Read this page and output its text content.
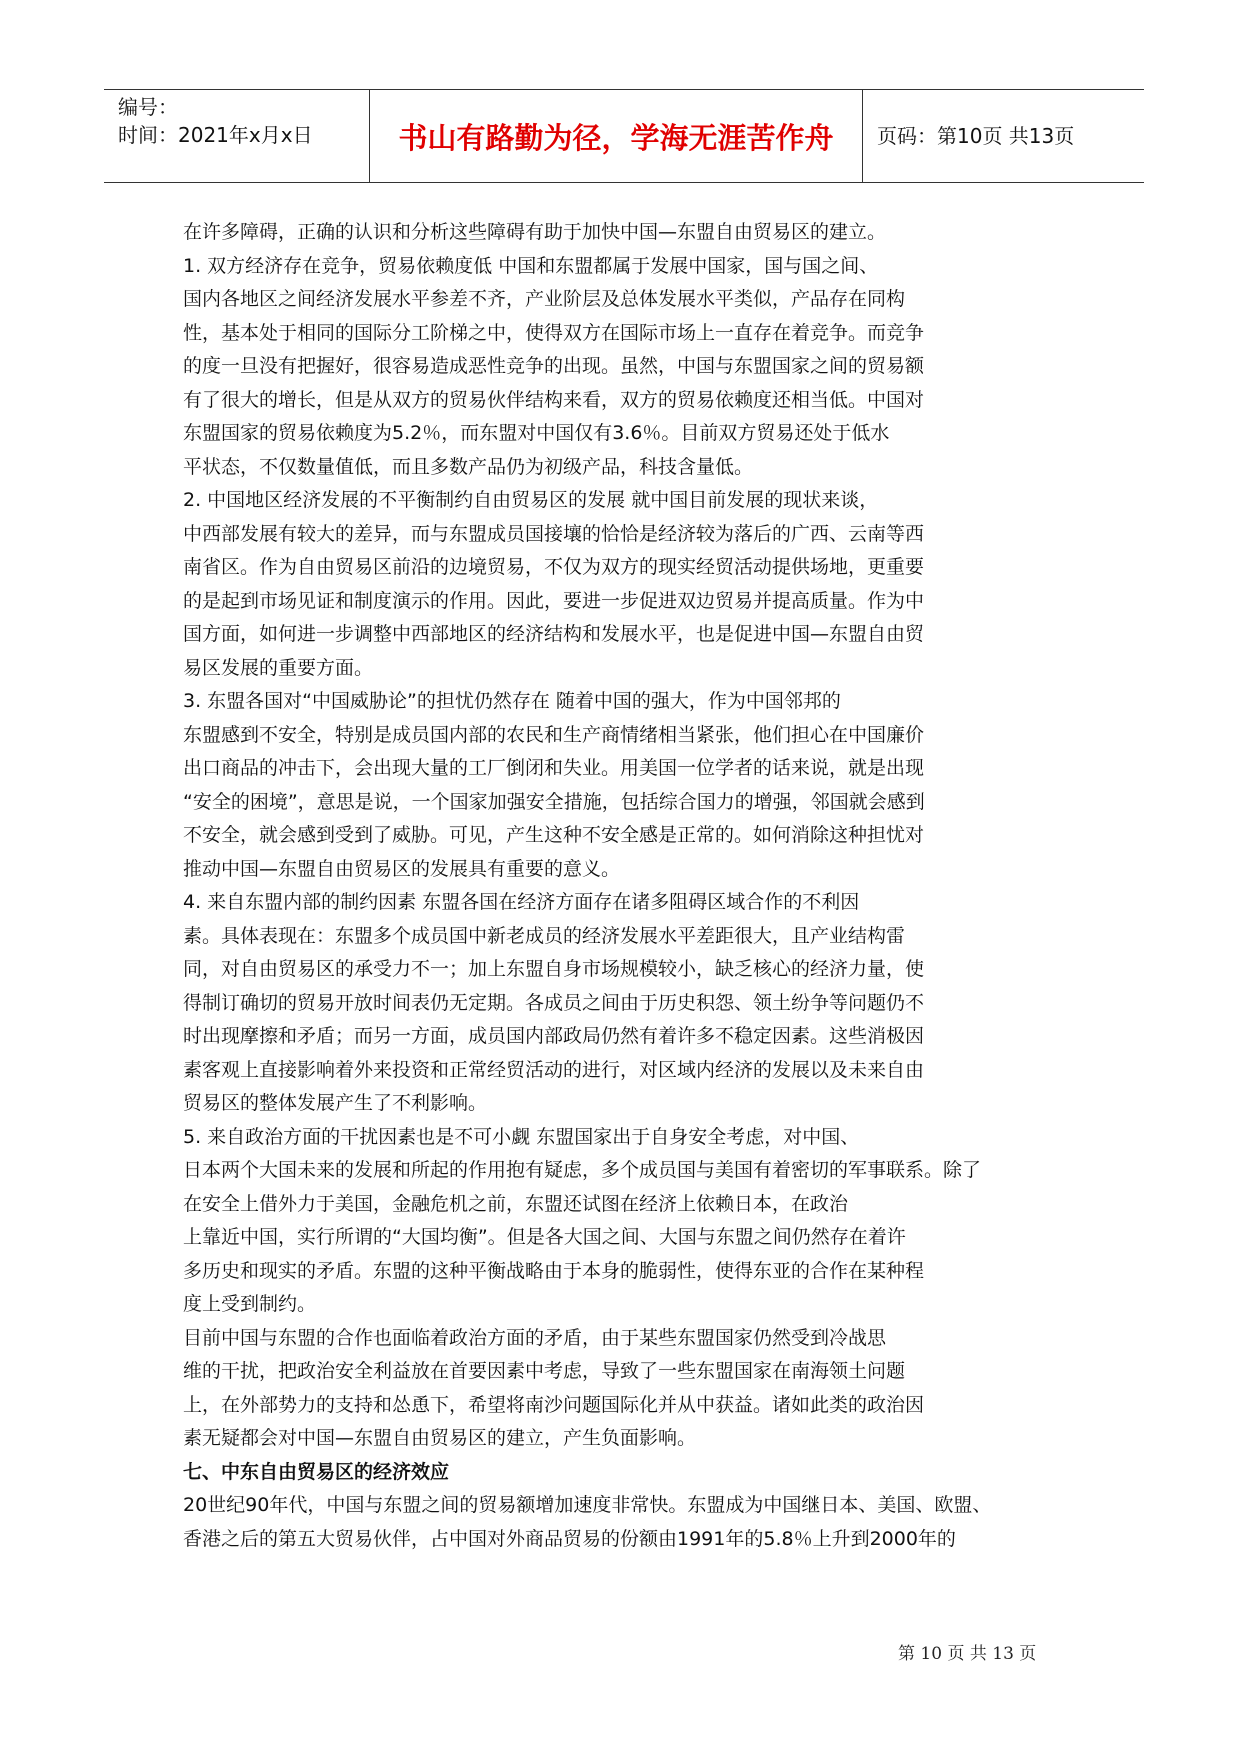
编号：
时间：2021年x月x日	书山有路勤为径，学海无涯苦作舟	页码：第10页 共13页
在许多障碍，正确的认识和分析这些障碍有助于加快中国—东盟自由贸易区的建立。
1. 双方经济存在竞争，贸易依赖度低 中国和东盟都属于发展中国家，国与国之间、
国内各地区之间经济发展水平参差不齐，产业阶层及总体发展水平类似，产品存在同构
性，基本处于相同的国际分工阶梯之中，使得双方在国际市场上一直存在着竞争。而竞争
的度一旦没有把握好，很容易造成恶性竞争的出现。虽然，中国与东盟国家之间的贸易额
有了很大的增长，但是从双方的贸易伙伴结构来看，双方的贸易依赖度还相当低。中国对
东盟国家的贸易依赖度为5.2％，而东盟对中国仅有3.6％。目前双方贸易还处于低水
平状态，不仅数量值低，而且多数产品仍为初级产品，科技含量低。
2. 中国地区经济发展的不平衡制约自由贸易区的发展 就中国目前发展的现状来谈，
中西部发展有较大的差异，而与东盟成员国接壤的恰恰是经济较为落后的广西、云南等西
南省区。作为自由贸易区前沿的边境贸易，不仅为双方的现实经贸活动提供场地，更重要
的是起到市场见证和制度演示的作用。因此，要进一步促进双边贸易并提高质量。作为中
国方面，如何进一步调整中西部地区的经济结构和发展水平，也是促进中国—东盟自由贸
易区发展的重要方面。
3. 东盟各国对“中国威胁论”的担忧仍然存在 随着中国的强大，作为中国邻邦的
东盟感到不安全，特别是成员国内部的农民和生产商情绪相当紧张，他们担心在中国廉价
出口商品的冲击下，会出现大量的工厂倒闭和失业。用美国一位学者的话来说，就是出现
“安全的困境”，意思是说，一个国家加强安全措施，包括综合国力的增强，邻国就会感到
不安全，就会感到受到了威胁。可见，产生这种不安全感是正常的。如何消除这种担忧对
推动中国—东盟自由贸易区的发展具有重要的意义。
4. 来自东盟内部的制约因素 东盟各国在经济方面存在诸多阻碍区域合作的不利因
素。具体表现在：东盟多个成员国中新老成员的经济发展水平差距很大，且产业结构雷
同，对自由贸易区的承受力不一；加上东盟自身市场规模较小，缺乏核心的经济力量，使
得制订确切的贸易开放时间表仍无定期。各成员之间由于历史积怨、领土纷争等问题仍不
时出现摩擦和矛盾；而另一方面，成员国内部政局仍然有着许多不稳定因素。这些消极因
素客观上直接影响着外来投资和正常经贸活动的进行，对区域内经济的发展以及未来自由
贸易区的整体发展产生了不利影响。
5. 来自政治方面的干扰因素也是不可小觑 东盟国家出于自身安全考虑，对中国、
日本两个大国未来的发展和所起的作用抱有疑虑，多个成员国与美国有着密切的军事联系。除了
在安全上借外力于美国，金融危机之前，东盟还试图在经济上依赖日本，在政治
上靠近中国，实行所谓的“大国均衡”。但是各大国之间、大国与东盟之间仍然存在着许
多历史和现实的矛盾。东盟的这种平衡战略由于本身的脆弱性，使得东亚的合作在某种程
度上受到制约。
目前中国与东盟的合作也面临着政治方面的矛盾，由于某些东盟国家仍然受到冷战思
维的干扰，把政治安全利益放在首要因素中考虑，导致了一些东盟国家在南海领土问题
上，在外部势力的支持和怂恿下，希望将南沙问题国际化并从中获益。诸如此类的政治因
素无疑都会对中国—东盟自由贸易区的建立，产生负面影响。
七、中东自由贸易区的经济效应
20世纪90年代，中国与东盟之间的贸易额增加速度非常快。东盟成为中国继日本、美国、欧盟、
香港之后的第五大贸易伙伴，占中国对外商品贸易的份额由1991年的5.8％上升到2000年的
第 10 页 共 13 页
